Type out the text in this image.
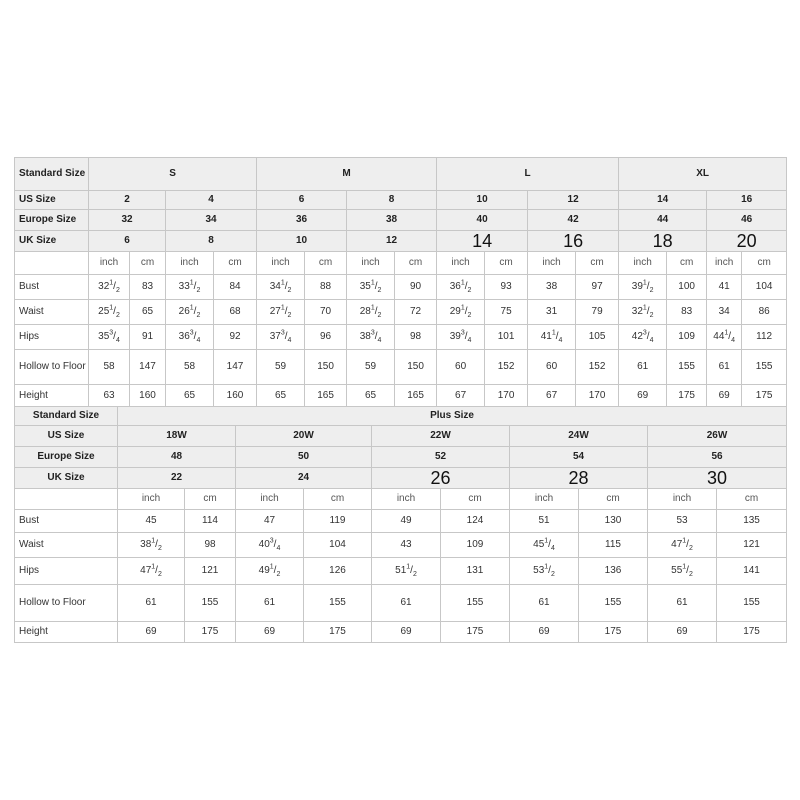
Standard Size	S				M				L				XL			
US Size	2		4		6		8		10		12		14		16	
Europe Size	32		34		36		38		40		42		44		46	
UK Size	6		8		10		12		14		16		18		20	
	inch	cm	inch	cm	inch	cm	inch	cm	inch	cm	inch	cm	inch	cm	inch	cm
Bust	$32^1/_2$	83	$33^1/_2$	84	$34^1/_2$	88	$35^1/_2$	90	$36^1/_2$	93	38	97	$39^1/_2$	100	41	104
Waist	$25^1/_2$	65	$26^1/_2$	68	$27^1/_2$	70	$28^1/_2$	72	$29^1/_2$	75	31	79	$32^1/_2$	83	34	86
Hips	$35^3/_4$	91	$36^3/_4$	92	$37^3/_4$	96	$38^3/_4$	98	$39^3/_4$	101	$41^1/_4$	105	$42^3/_4$	109	$44^1/_4$	112
Hollow to Floor	58	147	58	147	59	150	59	150	60	152	60	152	61	155	61	155
Height	63	160	65	160	65	165	65	165	67	170	67	170	69	175	69	175
Standard Size	Plus Size									
US Size	18W		20W		22W		24W		26W	
Europe Size	48		50		52		54		56	
UK Size	22		24		26		28		30	
	inch	cm	inch	cm	inch	cm	inch	cm	inch	cm
Bust	45	114	47	119	49	124	51	130	53	135
Waist	$38^1/_2$	98	$40^3/_4$	104	43	109	$45^1/_4$	115	$47^1/_2$	121
Hips	$47^1/_2$	121	$49^1/_2$	126	$51^1/_2$	131	$53^1/_2$	136	$55^1/_2$	141
Hollow to Floor	61	155	61	155	61	155	61	155	61	155
Height	69	175	69	175	69	175	69	175	69	175
